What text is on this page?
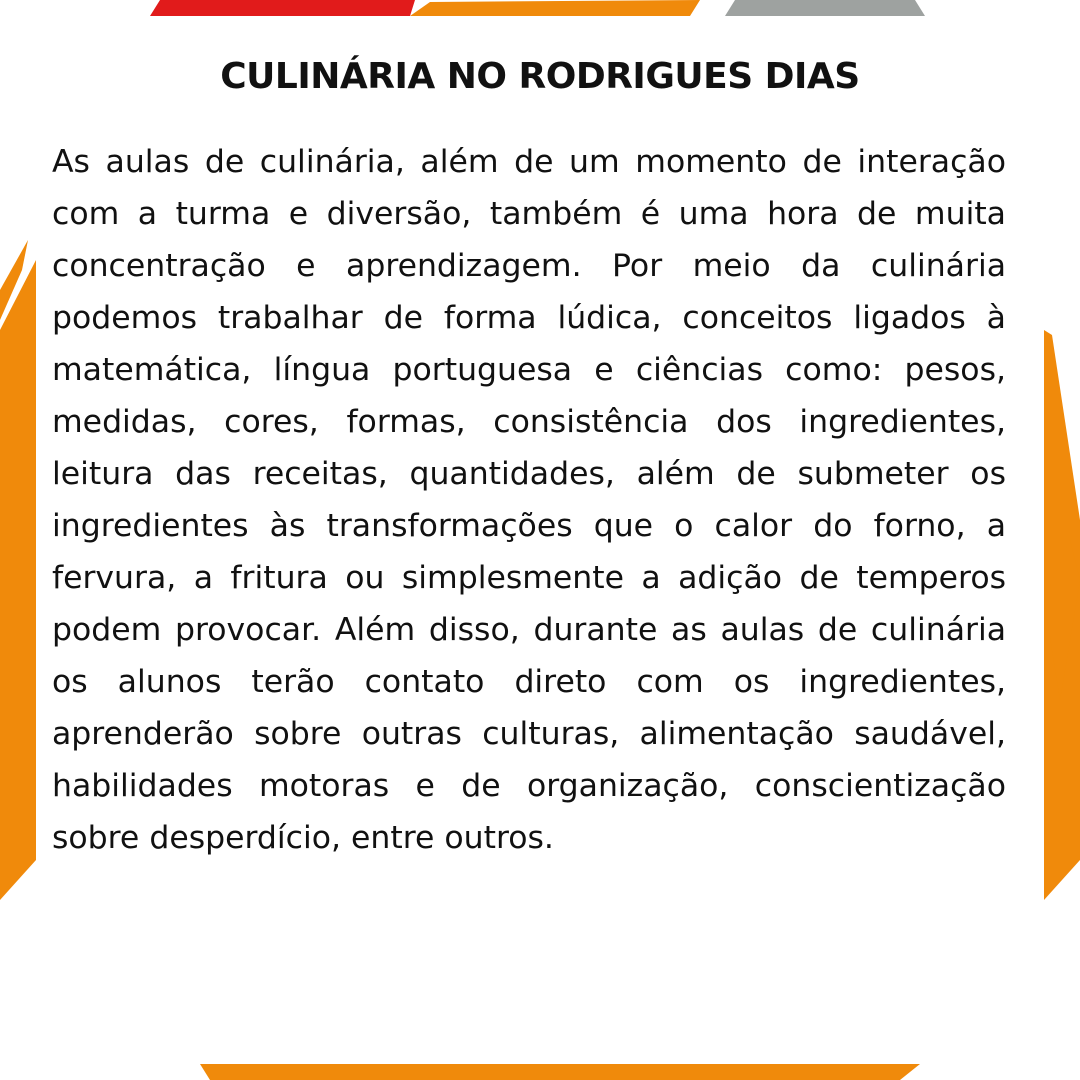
CULINÁRIA NO RODRIGUES DIAS

As aulas de culinária, além de um momento de interação com a turma e diversão, também é uma hora de muita concentração e aprendizagem. Por meio da culinária podemos trabalhar de forma lúdica, conceitos ligados à matemática, língua portuguesa e ciências como: pesos, medidas, cores, formas, consistência dos ingredientes, leitura das receitas, quantidades, além de submeter os ingredientes às transformações que o calor do forno, a fervura, a fritura ou simplesmente a adição de temperos podem provocar. Além disso, durante as aulas de culinária os alunos terão contato direto com os ingredientes, aprenderão sobre outras culturas, alimentação saudável, habilidades motoras e de organização, conscientização sobre desperdício, entre outros.
